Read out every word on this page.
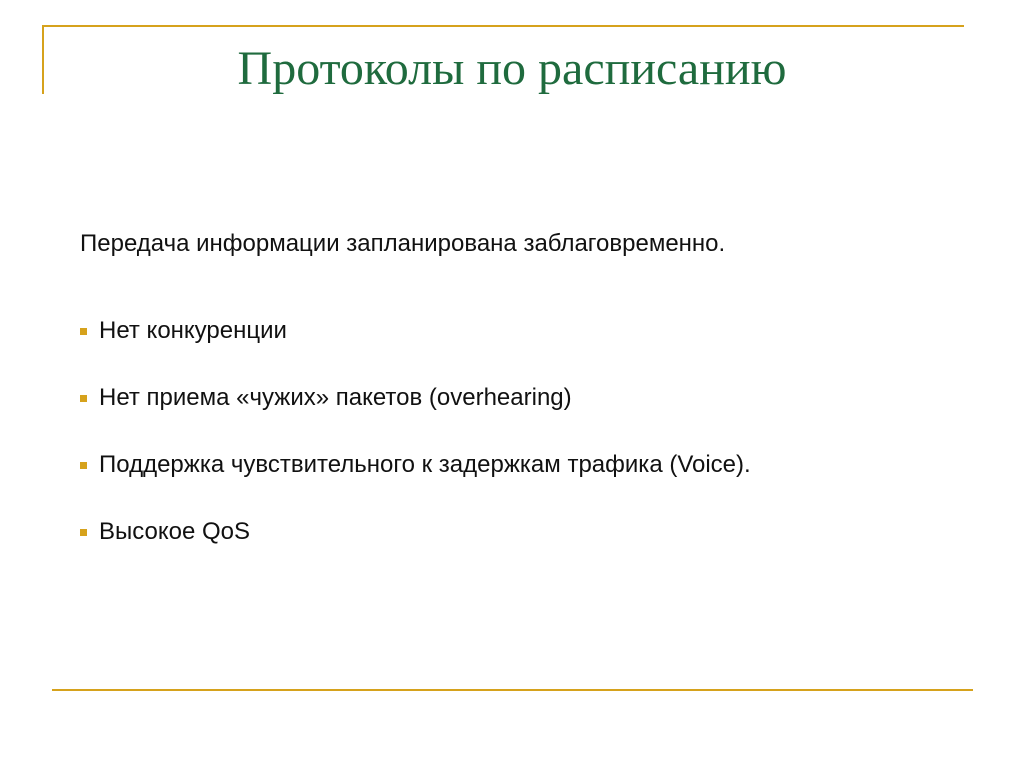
Протоколы по расписанию

Передача информации запланирована заблаговременно.

Нет конкуренции
Нет приема «чужих» пакетов (overhearing)
Поддержка чувствительного к задержкам трафика (Voice).
Высокое QoS
